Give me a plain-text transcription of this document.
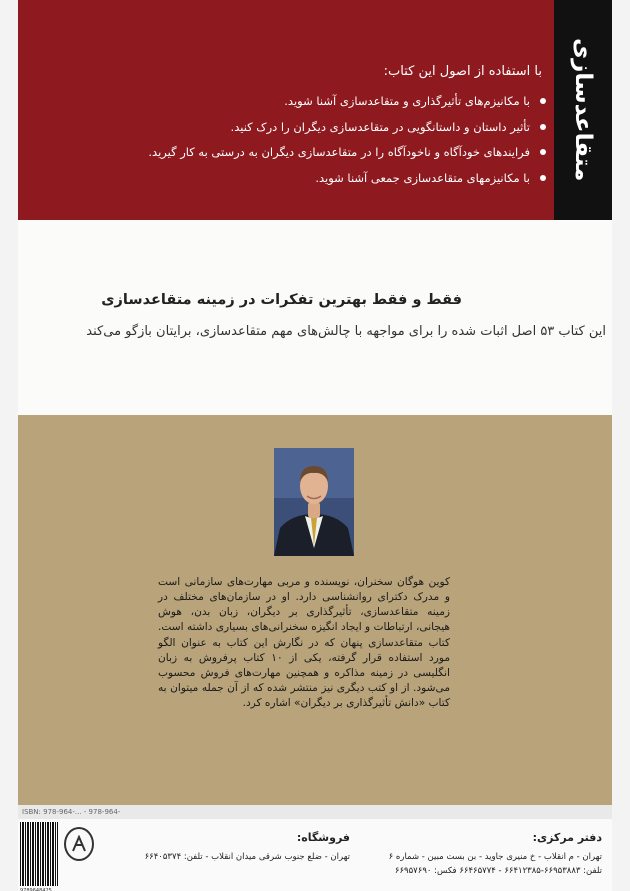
متقاعدسازی
با استفاده از اصول این کتاب:
با مکانیزم‌های تأثیرگذاری و متقاعدسازی آشنا شوید.
تأثیر داستان و داستانگویی در متقاعدسازی دیگران را درک کنید.
فرایندهای خودآگاه و ناخودآگاه را در متقاعدسازی دیگران به درستی به کار گیرید.
با مکانیزمهای متقاعدسازی جمعی آشنا شوید.
فقط و فقط بهترین تفکرات در زمینه متقاعدسازی
این کتاب ۵۳ اصل اثبات شده را برای مواجهه با چالش‌های مهم متقاعدسازی، برایتان بازگو می‌کند
کوین هوگان سخنران، نویسنده و مربی مهارت‌های سازمانی است و مدرک دکترای روانشناسی دارد. او در سازمان‌های مختلف در زمینه متقاعدسازی، تأثیرگذاری بر دیگران، زبان بدن، هوش هیجانی، ارتباطات و ایجاد انگیزه سخنرانی‌های بسیاری داشته است. کتاب متقاعدسازی پنهان که در نگارش این کتاب به عنوان الگو مورد استفاده قرار گرفته، یکی از ۱۰ کتاب پرفروش به زبان انگلیسی در زمینه مذاکره و همچنین مهارت‌های فروش محسوب می‌شود. از او کتب دیگری نیز منتشر شده که از آن جمله میتوان به کتاب «دانش تأثیرگذاری بر دیگران» اشاره کرد.
ISBN: 978-964-... - 978-964-
9789648425
دفتر مرکزی:
تهران - م انقلاب - خ منیری جاوید - بن بست مبین - شماره ۶
تلفن: ۶۶۹۵۳۸۸۳-۶۶۴۱۲۳۸۵ - ۶۶۴۶۵۷۷۴ فکس: ۶۶۹۵۷۶۹۰
فروشگاه:
تهران - ضلع جنوب شرقی میدان انقلاب - تلفن: ۶۶۴۰۵۳۷۴
